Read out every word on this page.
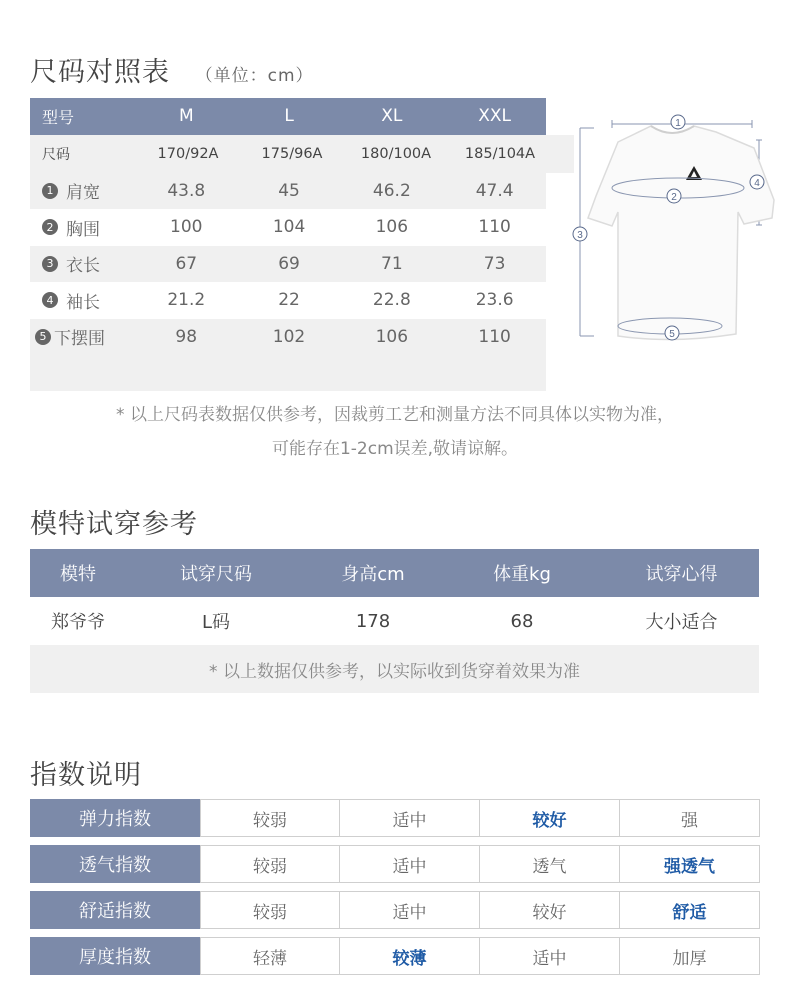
尺码对照表 （单位：cm）
型号	M	L	XL	XXL
尺码	170/92A	175/96A	180/100A	185/104A
1 肩宽	43.8	45	46.2	47.4
2 胸围	100	104	106	110
3 衣长	67	69	71	73
4 袖长	21.2	22	22.8	23.6
5 下摆围	98	102	106	110
1
2
3
4
5
* 以上尺码表数据仅供参考，因裁剪工艺和测量方法不同具体以实物为准，
可能存在1-2cm误差,敬请谅解。
模特试穿参考
模特	试穿尺码	身高cm	体重kg	试穿心得
郑爷爷	L码	178	68	大小适合
* 以上数据仅供参考，以实际收到货穿着效果为准
指数说明
弹力指数	较弱	适中	较好	强
透气指数	较弱	适中	透气	强透气
舒适指数	较弱	适中	较好	舒适
厚度指数	轻薄	较薄	适中	加厚
